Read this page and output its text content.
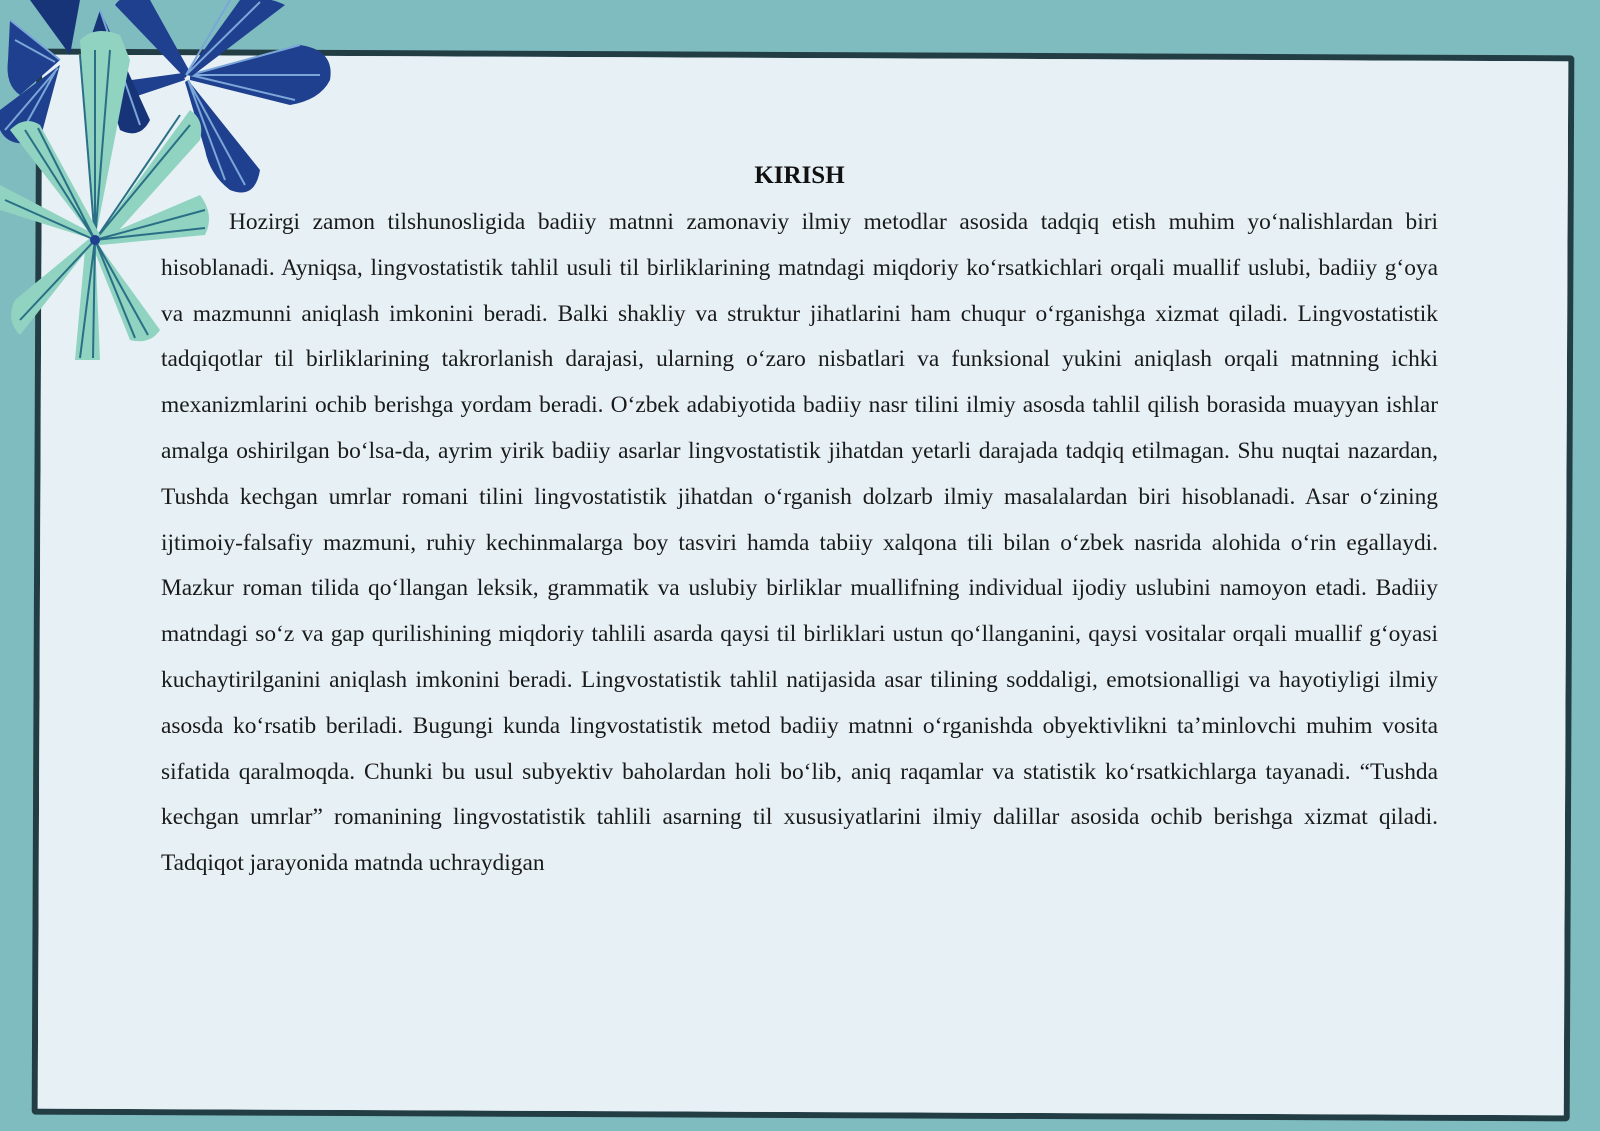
KIRISH

Hozirgi zamon tilshunosligida badiiy matnni zamonaviy ilmiy metodlar asosida tadqiq etish muhim yo‘nalishlardan biri hisoblanadi. Ayniqsa, lingvostatistik tahlil usuli til birliklarining matndagi miqdoriy ko‘rsatkichlari orqali muallif uslubi, badiiy g‘oya va mazmunni aniqlash imkonini beradi. Balki shakliy va struktur jihatlarini ham chuqur o‘rganishga xizmat qiladi. Lingvostatistik tadqiqotlar til birliklarining takrorlanish darajasi, ularning o‘zaro nisbatlari va funksional yukini aniqlash orqali matnning ichki mexanizmlarini ochib berishga yordam beradi. O‘zbek adabiyotida badiiy nasr tilini ilmiy asosda tahlil qilish borasida muayyan ishlar amalga oshirilgan bo‘lsa-da, ayrim yirik badiiy asarlar lingvostatistik jihatdan yetarli darajada tadqiq etilmagan. Shu nuqtai nazardan, Tushda kechgan umrlar romani tilini lingvostatistik jihatdan o‘rganish dolzarb ilmiy masalalardan biri hisoblanadi. Asar o‘zining ijtimoiy-falsafiy mazmuni, ruhiy kechinmalarga boy tasviri hamda tabiiy xalqona tili bilan o‘zbek nasrida alohida o‘rin egallaydi. Mazkur roman tilida qo‘llangan leksik, grammatik va uslubiy birliklar muallifning individual ijodiy uslubini namoyon etadi. Badiiy matndagi so‘z va gap qurilishining miqdoriy tahlili asarda qaysi til birliklari ustun qo‘llanganini, qaysi vositalar orqali muallif g‘oyasi kuchaytirilganini aniqlash imkonini beradi. Lingvostatistik tahlil natijasida asar tilining soddaligi, emotsionalligi va hayotiyligi ilmiy asosda ko‘rsatib beriladi. Bugungi kunda lingvostatistik metod badiiy matnni o‘rganishda obyektivlikni ta’minlovchi muhim vosita sifatida qaralmoqda. Chunki bu usul subyektiv baholardan holi bo‘lib, aniq raqamlar va statistik ko‘rsatkichlarga tayanadi. “Tushda kechgan umrlar” romanining lingvostatistik tahlili asarning til xususiyatlarini ilmiy dalillar asosida ochib berishga xizmat qiladi. Tadqiqot jarayonida matnda uchraydigan
